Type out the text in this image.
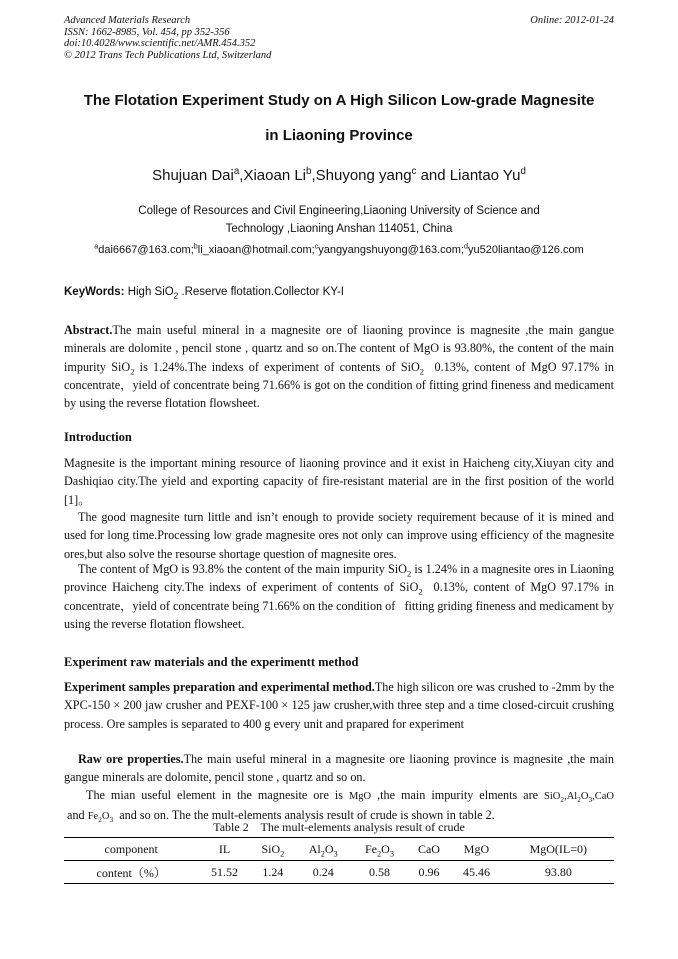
Advanced Materials Research
ISSN: 1662-8985, Vol. 454, pp 352-356
doi:10.4028/www.scientific.net/AMR.454.352
© 2012 Trans Tech Publications Ltd, Switzerland
Online: 2012-01-24
The Flotation Experiment Study on A High Silicon Low-grade Magnesite
in Liaoning Province
Shujuan Dai$^a$,Xiaoan Li$^b$,Shuyong yang$^c$ and Liantao Yu$^d$
College of Resources and Civil Engineering,Liaoning University of Science and
Technology ,Liaoning Anshan 114051, China
$^a$dai6667@163.com;$^b$li_xiaoan@hotmail.com;$^c$yangyangshuyong@163.com;$^d$yu520liantao@126.com
KeyWords: High SiO$_2$ .Reserve flotation.Collector KY-I

Abstract.The main useful mineral in a magnesite ore of liaoning province is magnesite ,the main gangue minerals are dolomite , pencil stone , quartz and so on.The content of MgO is 93.80%, the content of the main impurity SiO$_2$ is 1.24%.The indexs of experiment of contents of SiO$_2$  0.13%, content of MgO 97.17% in concentrate，yield of concentrate being 71.66% is got on the condition of fitting grind fineness and medicament by using the reverse flotation flowsheet.

Introduction

Magnesite is the important mining resource of liaoning province and it exist in Haicheng city,Xiuyan city and Dashiqiao city.The yield and exporting capacity of fire-resistant material are in the first position of the world [1]。

The good magnesite turn little and isn’t enough to provide society requirement because of it is mined and used for long time.Processing low grade magnesite ores not only can improve using efficiency of the magnesite ores,but also solve the resourse shortage question of magnesite ores.

The content of MgO is 93.8% the content of the main impurity SiO$_2$ is 1.24% in a magnesite ores in Liaoning province Haicheng city.The indexs of experiment of contents of SiO$_2$  0.13%, content of MgO 97.17% in concentrate，yield of concentrate being 71.66% on the condition of   fitting griding fineness and medicament by using the reverse flotation flowsheet.

Experiment raw materials and the experimentt method

Experiment samples preparation and experimental method.The high silicon ore was crushed to -2mm by the XPC-150 × 200 jaw crusher and PEXF-100 × 125 jaw crusher,with three step and a time closed-circuit crushing process. Ore samples is separated to 400 g every unit and prapared for experiment

Raw ore properties.The main useful mineral in a magnesite ore liaoning province is magnesite ,the main gangue minerals are dolomite, pencil stone , quartz and so on.

The mian useful element in the magnesite ore is MgO ,the main impurity elments are $SiO_2,Al_2O_3,CaO$ and $Fe_2O_3$  and so on. The the mult-elements analysis result of crude is shown in table 2.

Table 2    The mult-elements analysis result of crude
component	IL	SiO$_2$	$Al_2O_3$	$Fe_2O_3$	CaO	MgO	MgO(IL=0)
content（%）	51.52	1.24	0.24	0.58	0.96	45.46	93.80
